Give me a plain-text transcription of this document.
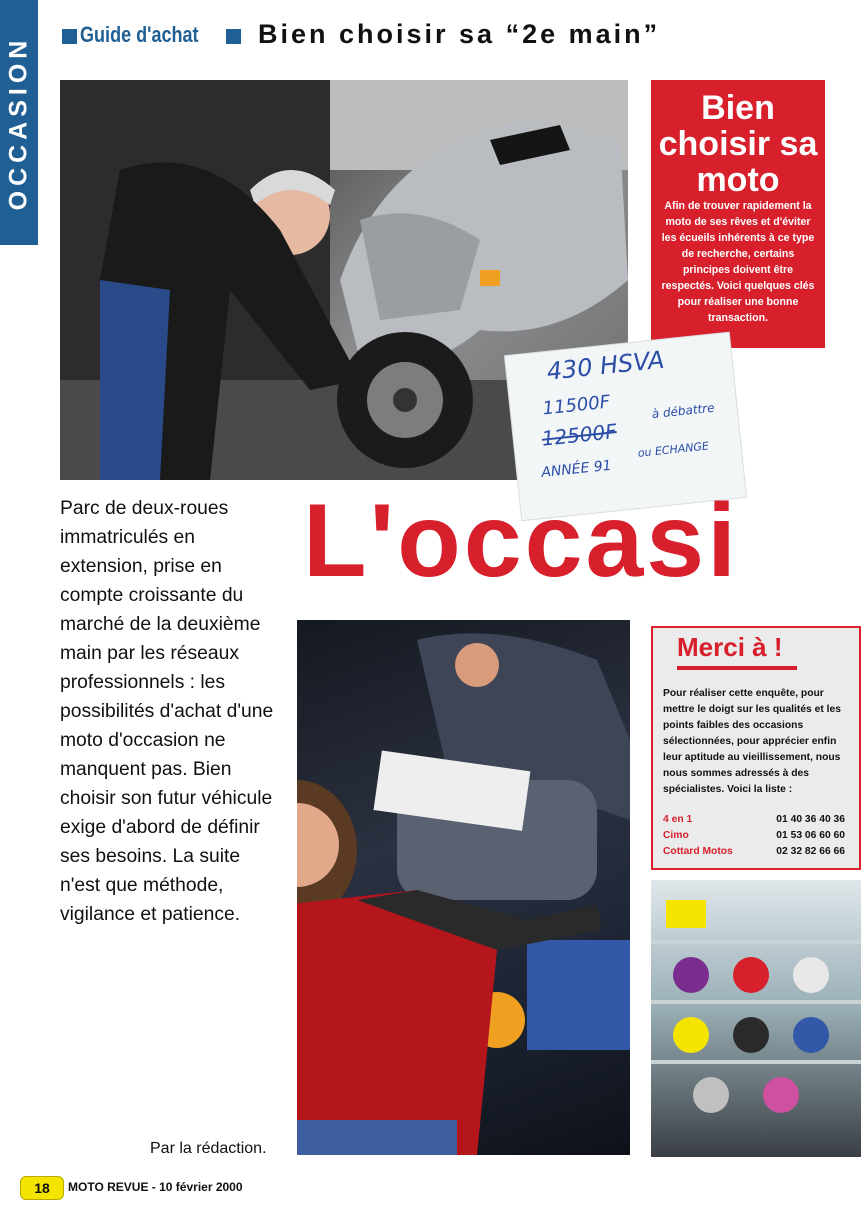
OCCASION
Guide d'achat Bien choisir sa “2e main”
Bien choisir sa moto
Afin de trouver rapidement la moto de ses rêves et d'éviter les écueils inhérents à ce type de recherche, certains principes doivent être respectés. Voici quelques clés pour réaliser une bonne transaction.
430 HSVA
11500F
12500F
à débattre
ANNÉE 91
ou ECHANGE
L'occasi
Parc de deux-roues immatriculés en extension, prise en compte croissante du marché de la deuxième main par les réseaux professionnels : les possibilités d'achat d'une moto d'occasion ne manquent pas. Bien choisir son futur véhicule exige d'abord de définir ses besoins. La suite n'est que méthode, vigilance et patience.
Par la rédaction.
Merci à !
Pour réaliser cette enquête, pour mettre le doigt sur les qualités et les points faibles des occasions sélectionnées, pour apprécier enfin leur aptitude au vieillissement, nous nous sommes adressés à des spécialistes. Voici la liste :
4 en 1	01 40 36 40 36
Cimo	01 53 06 60 60
Cottard Motos	02 32 82 66 66
18	MOTO REVUE - 10 février 2000
